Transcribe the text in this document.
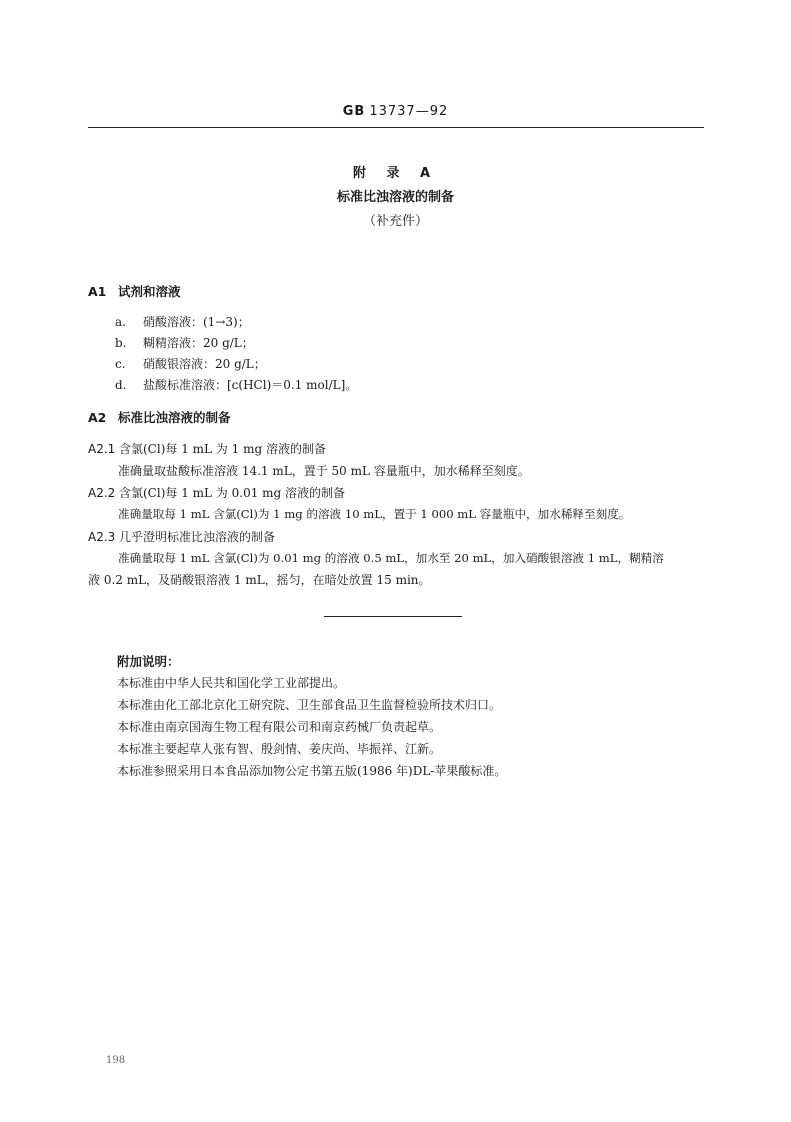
GB 13737—92
附 录 A
标准比浊溶液的制备
（补充件）
A1 试剂和溶液
a. 硝酸溶液：(1→3)；
b. 糊精溶液：20 g/L；
c. 硝酸银溶液：20 g/L；
d. 盐酸标准溶液：[c(HCl)＝0.1 mol/L]。
A2 标准比浊溶液的制备
A2.1 含氯(Cl)每 1 mL 为 1 mg 溶液的制备
准确量取盐酸标准溶液 14.1 mL，置于 50 mL 容量瓶中，加水稀释至刻度。
A2.2 含氯(Cl)每 1 mL 为 0.01 mg 溶液的制备
准确量取每 1 mL 含氯(Cl)为 1 mg 的溶液 10 mL，置于 1 000 mL 容量瓶中，加水稀释至刻度。
A2.3 几乎澄明标准比浊溶液的制备
准确量取每 1 mL 含氯(Cl)为 0.01 mg 的溶液 0.5 mL，加水至 20 mL，加入硝酸银溶液 1 mL，糊精溶
液 0.2 mL，及硝酸银溶液 1 mL，摇匀，在暗处放置 15 min。
附加说明：
本标准由中华人民共和国化学工业部提出。
本标准由化工部北京化工研究院、卫生部食品卫生监督检验所技术归口。
本标准由南京国海生物工程有限公司和南京药械厂负责起草。
本标准主要起草人张有智、殷剑情、姜庆尚、毕振祥、江新。
本标准参照采用日本食品添加物公定书第五版(1986 年)DL-苹果酸标准。
198
